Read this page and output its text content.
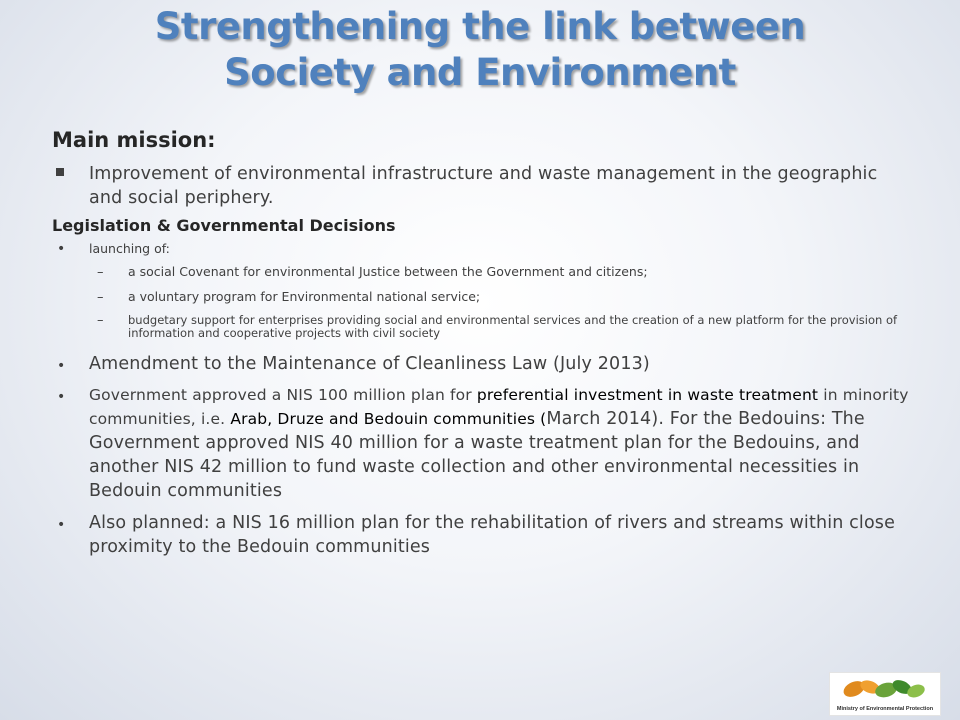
Strengthening the link between
Society and Environment
Main mission:
Improvement of environmental infrastructure and waste management in the geographic and social periphery.
Legislation & Governmental Decisions
• launching of:
– a social Covenant for environmental Justice between the Government and citizens;
– a voluntary program for Environmental national service;
– budgetary support for enterprises providing social and environmental services and the creation of a new platform for the provision of information and cooperative projects with civil society
• Amendment to the Maintenance of Cleanliness Law (July 2013)
• Government approved a NIS 100 million plan for preferential investment in waste treatment in minority communities, i.e. Arab, Druze and Bedouin communities (March 2014). For the Bedouins: The Government approved NIS 40 million for a waste treatment plan for the Bedouins, and another NIS 42 million to fund waste collection and other environmental necessities in Bedouin communities
• Also planned: a NIS 16 million plan for the rehabilitation of rivers and streams within close proximity to the Bedouin communities
Ministry of Environmental Protection
